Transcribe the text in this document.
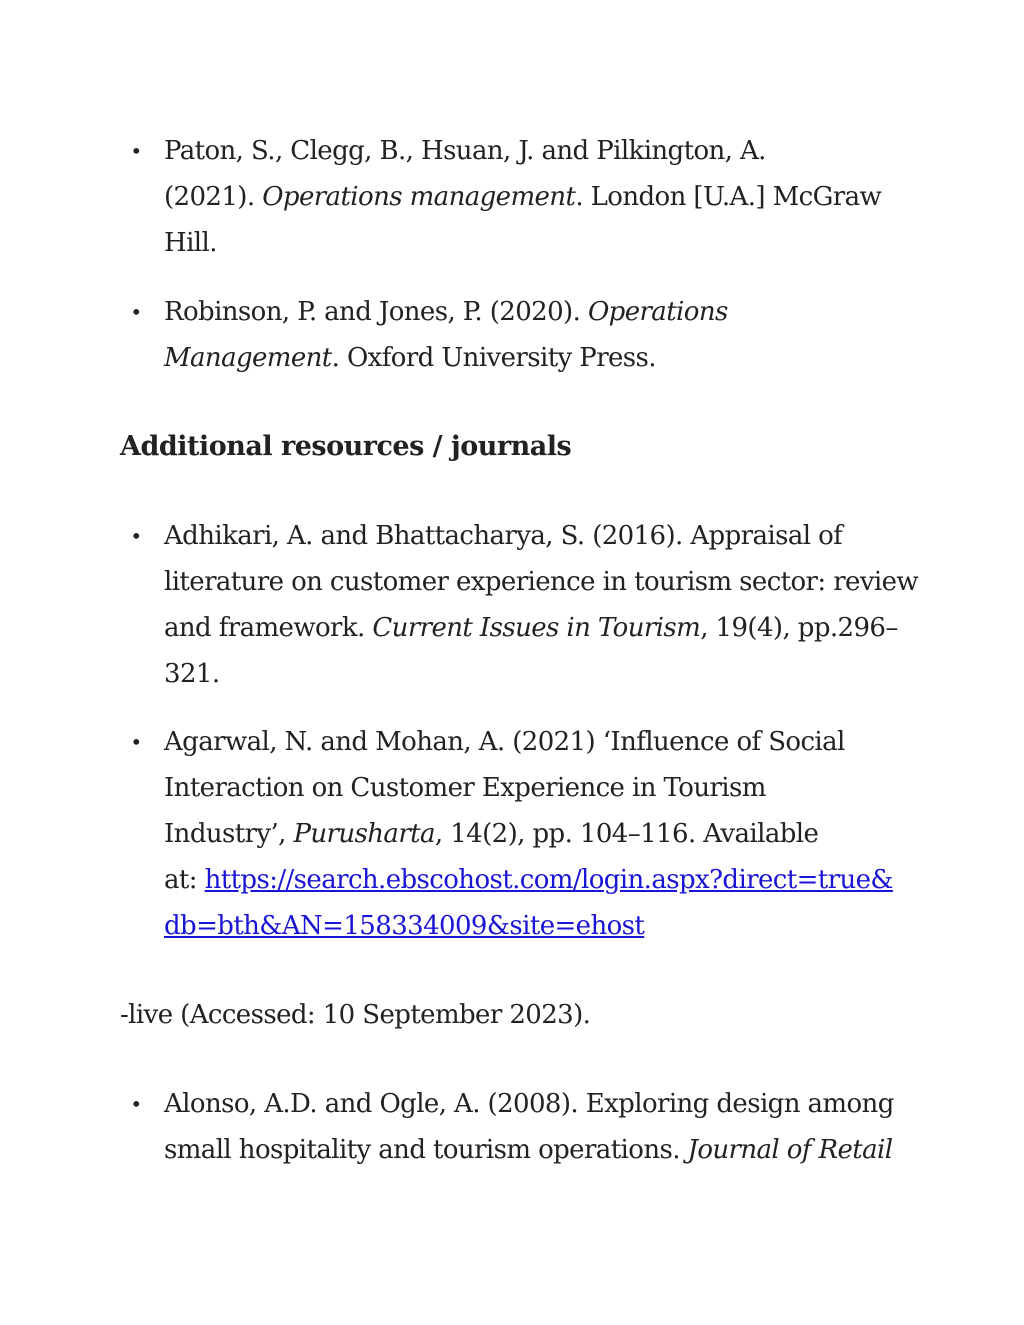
• Paton, S., Clegg, B., Hsuan, J. and Pilkington, A.
(2021). Operations management. London [U.A.] McGraw
Hill.
• Robinson, P. and Jones, P. (2020). Operations
Management. Oxford University Press.
Additional resources / journals
• Adhikari, A. and Bhattacharya, S. (2016). Appraisal of
literature on customer experience in tourism sector: review
and framework. Current Issues in Tourism, 19(4), pp.296–
321.
• Agarwal, N. and Mohan, A. (2021) ‘Influence of Social
Interaction on Customer Experience in Tourism
Industry’, Purusharta, 14(2), pp. 104–116. Available
at: https://search.ebscohost.com/login.aspx?direct=true&
db=bth&AN=158334009&site=ehost
-live (Accessed: 10 September 2023).
• Alonso, A.D. and Ogle, A. (2008). Exploring design among
small hospitality and tourism operations. Journal of Retail
